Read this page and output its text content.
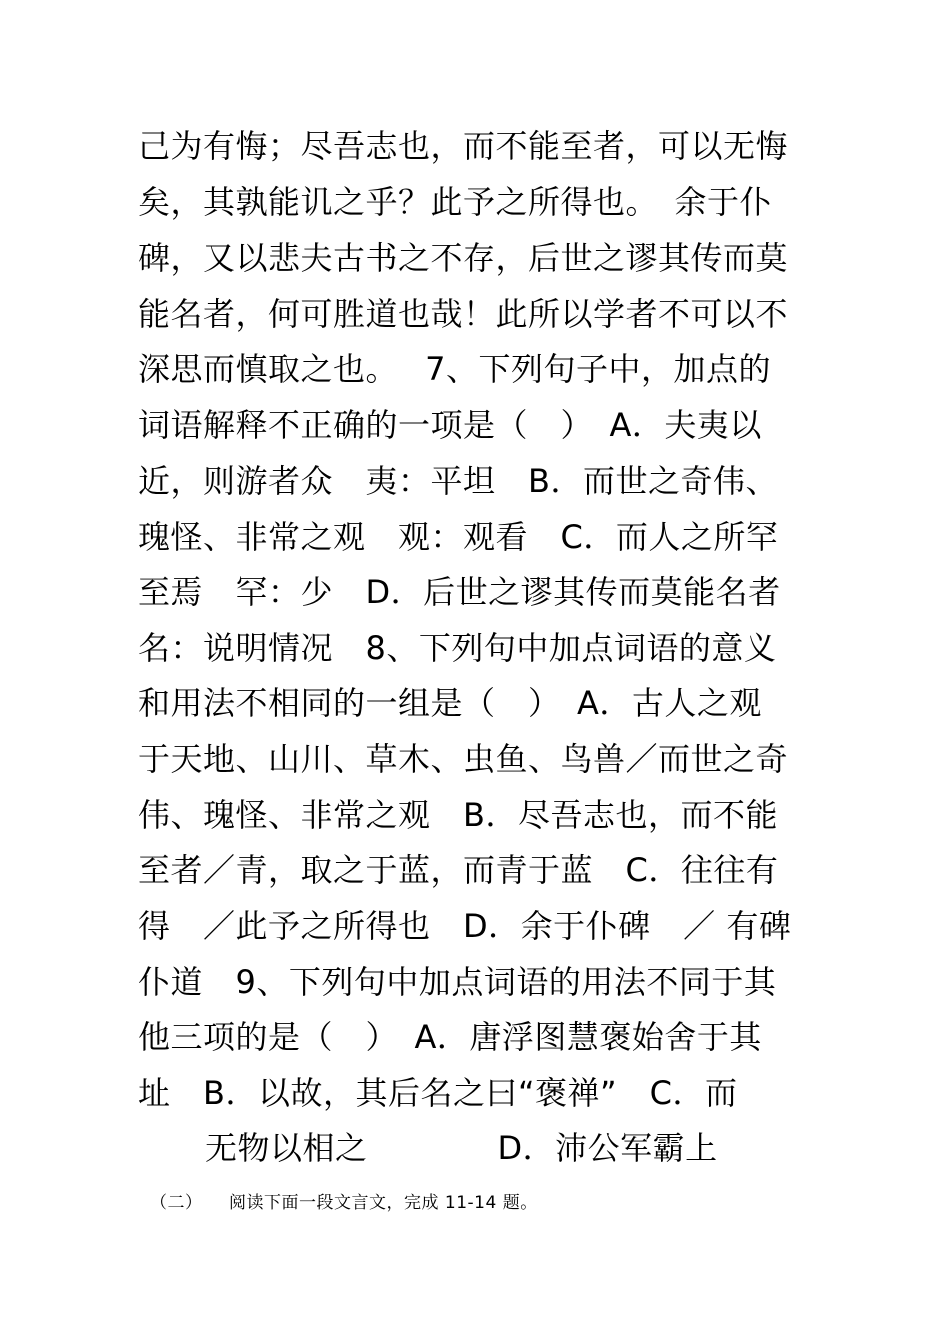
己为有悔；尽吾志也，而不能至者，可以无悔
矣，其孰能讥之乎？此予之所得也。　余于仆
碑，又以悲夫古书之不存，后世之谬其传而莫
能名者，何可胜道也哉！此所以学者不可以不
深思而慎取之也。　 7、下列句子中，加点的
词语解释不正确的一项是（　）　A．夫夷以
近，则游者众　夷：平坦　B．而世之奇伟、
瑰怪、非常之观　观：观看　C．而人之所罕
至焉　罕：少　D．后世之谬其传而莫能名者
名：说明情况　8、下列句中加点词语的意义
和用法不相同的一组是（　）　A．古人之观
于天地、山川、草木、虫鱼、鸟兽／而世之奇
伟、瑰怪、非常之观　B．尽吾志也，而不能
至者／青，取之于蓝，而青于蓝　C．往往有
得　／此予之所得也　D．余于仆碑　／ 有碑
仆道　9、下列句中加点词语的用法不同于其
他三项的是（　）　A．唐浮图慧褒始舍于其
址　B．以故，其后名之曰“褒禅”　C．而
无物以相之　　　　D．沛公军霸上
（二）　　阅读下面一段文言文，完成 11-14 题。
